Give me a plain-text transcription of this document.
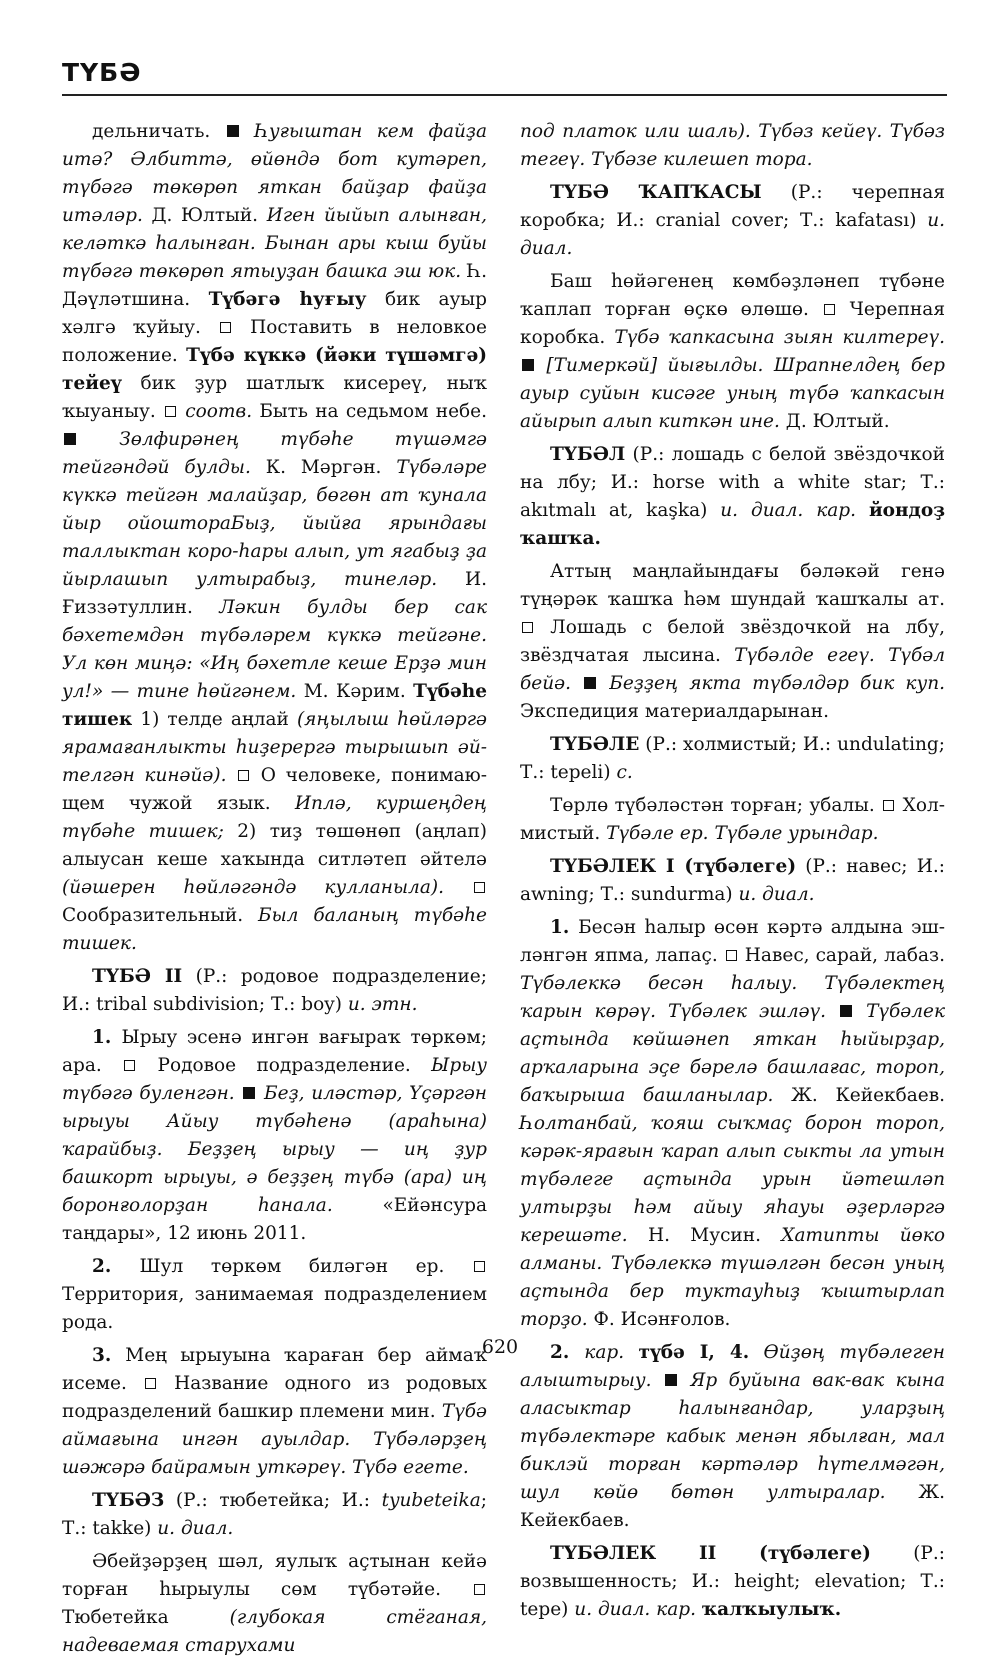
ТҮБƏ

дельничать.  Һуғыштан кем файҙа итә? Әлбиттә, өйөндә бот кутәреп, түбәгә төкөрөп яткан байҙар файҙа итәләр. Д. Юлтый. Иген йыйып алынған, келәткә һалынған. Бынан ары кыш буйы түбәгә төкөрөп ятыуҙан башка эш юк. Һ. Дәүләтшина. Түбәгә һуғыу бик ауыр хәлгә ҡуйыу.  Поставить в неловкое положение. Түбә күккә (йәки түшәмгә) тейеү бик ҙур шатлыҡ кисереү, ныҡ ҡыуаныу.  соотв. Быть на седьмом небе.  Зөлфирәнең түбәһе түшәмгә тейгәндәй булды. К. Мәргән. Түбәләре күккә тейгән малайҙар, бөгөн ат ҡунала йыр ойоштораБыҙ, йыйға ярындағы таллыктан коро-һары алып, ут ягабыҙ ҙа йырлашып ултырабыҙ, тинеләр. И. Ғиззәтуллин. Ләкин булды бер сак бәхетемдән түбәләрем күккә тейгәне. Ул көн миңә: «Иң бәхетле кеше Ерҙә мин ул!» — тине һөйгәнем. М. Кәрим. Түбәһе тишек 1) телде аңлай (яңылыш һөйләргә ярамағанлыкты һиҙерергә тырышып әйтелгән кинәйә).  О человеке, понимающем чужой язык. Иплә, куршеңдең түбәһе тишек; 2) тиҙ төшөнөп (аңлап) алыусан кеше хаҡында ситләтеп әйтелә (йәшерен һөйләгәндә кулланыла).  Сообразительный. Был баланың түбәһе тишек.

ТҮБӘ II (Р.: родовое подразделение; И.: tribal subdivision; Т.: boy) и. этн.

1. Ырыу эсенә ингән вағыраҡ төркөм; ара.  Родовое подразделение. Ырыу түбәгә буленгән.  Беҙ, иләстәр, Үҫәргән ырыуы Айыу түбәһенә (араһына) ҡарайбыҙ. Беҙҙең ырыу — иң ҙур башкорт ырыуы, ә беҙҙең түбә (ара) иң боронғолорҙан һанала. «Ейәнсура таңдары», 12 июнь 2011.

2. Шул төркөм биләгән ер.  Территория, занимаемая подразделением рода.

3. Мең ырыуына ҡараған бер аймаҡ исеме.  Название одного из родовых подразделений башкир племени мин. Түбә аймағына ингән ауылдар. Түбәләрҙең шәжәрә байрамын уткәреү. Түбә егете.

ТҮБӘЗ (Р.: тюбетейка; И.: tyubeteika; Т.: takke) и. диал.

Әбейҙәрҙең шәл, яулыҡ аҫтынан кейә торған һырыулы сөм түбәтәйе.  Тюбетейка (глубокая стёганая, надеваемая старухами

под платок или шаль). Түбәз кейеү. Түбәз тегеү. Түбәзе килешеп тора.

ТҮБӘ ҠАПҠАСЫ (Р.: черепная коробка; И.: cranial cover; Т.: kafatası) и. диал.

Баш һөйәгенең көмбәҙләнеп түбәне ҡаплап торған өҫкө өлөшө.  Черепная коробка. Түбә ҡапкасына зыян килтереү.  [Тимеркәй] йығылды. Шрапнелдең бер ауыр суйын кисәге уның түбә ҡапкасын айырып алып киткән ине. Д. Юлтый.

ТҮБӘЛ (Р.: лошадь с белой звёздочкой на лбу; И.: horse with a white star; Т.: akıtmalı at, kaşka) и. диал. кар. йондоҙ ҡашҡа.

Аттың маңлайындағы бәләкәй генә түңәрәк ҡашҡа һәм шундай ҡашҡалы ат.  Лошадь с белой звёздочкой на лбу, звёздчатая лысина. Түбәлде егеү. Түбәл бейә.  Беҙҙең якта түбәлдәр бик куп. Экспедиция материалдарынан.

ТҮБӘЛЕ (Р.: холмистый; И.: undulating; Т.: tepeli) с.

Төрлө түбәләстән торған; убалы.  Холмистый. Түбәле ер. Түбәле урындар.

ТҮБӘЛЕК I (түбәлеге) (Р.: навес; И.: awning; Т.: sundurma) и. диал.

1. Бесән һалыр өсөн кәртә алдына эшләнгән япма, лапаҫ.  Навес, сарай, лабаз. Түбәлеккә бесән һалыу. Түбәлектең ҡарын көрәү. Түбәлек эшләү.  Түбәлек аҫтында көйшәнеп яткан һыйырҙар, арҡаларына эҫе бәрелә башлағас, тороп, баҡырыша башланылар. Ж. Кейекбаев. Һолтанбай, ҡояш сыҡмаҫ борон тороп, кәрәк-ярағын ҡарап алып сыкты ла утын түбәлеге аҫтында урын йәтешләп ултырҙы һәм айыу яһауы әҙерләргә керешәте. Н. Мусин. Хатипты йөко алманы. Түбәлеккә түшәлгән бесән уның аҫтында бер туктауһыҙ ҡыштырлап торҙо. Ф. Исәнғолов.

2. кар. түбә I, 4. Өйҙөң түбәлеген алыштырыу.  Яр буйына вак-вак кына аласыктар һалынғандар, уларҙың түбәлектәре кабык менән ябылған, мал биклэй торған кәртәләр һүтелмәгән, шул көйө бөтөн ултыралар. Ж. Кейекбаев.

ТҮБӘЛЕК II (түбәлеге) (Р.: возвышенность; И.: height; elevation; Т.: tepe) и. диал. кар. ҡалҡыулыҡ.

620
